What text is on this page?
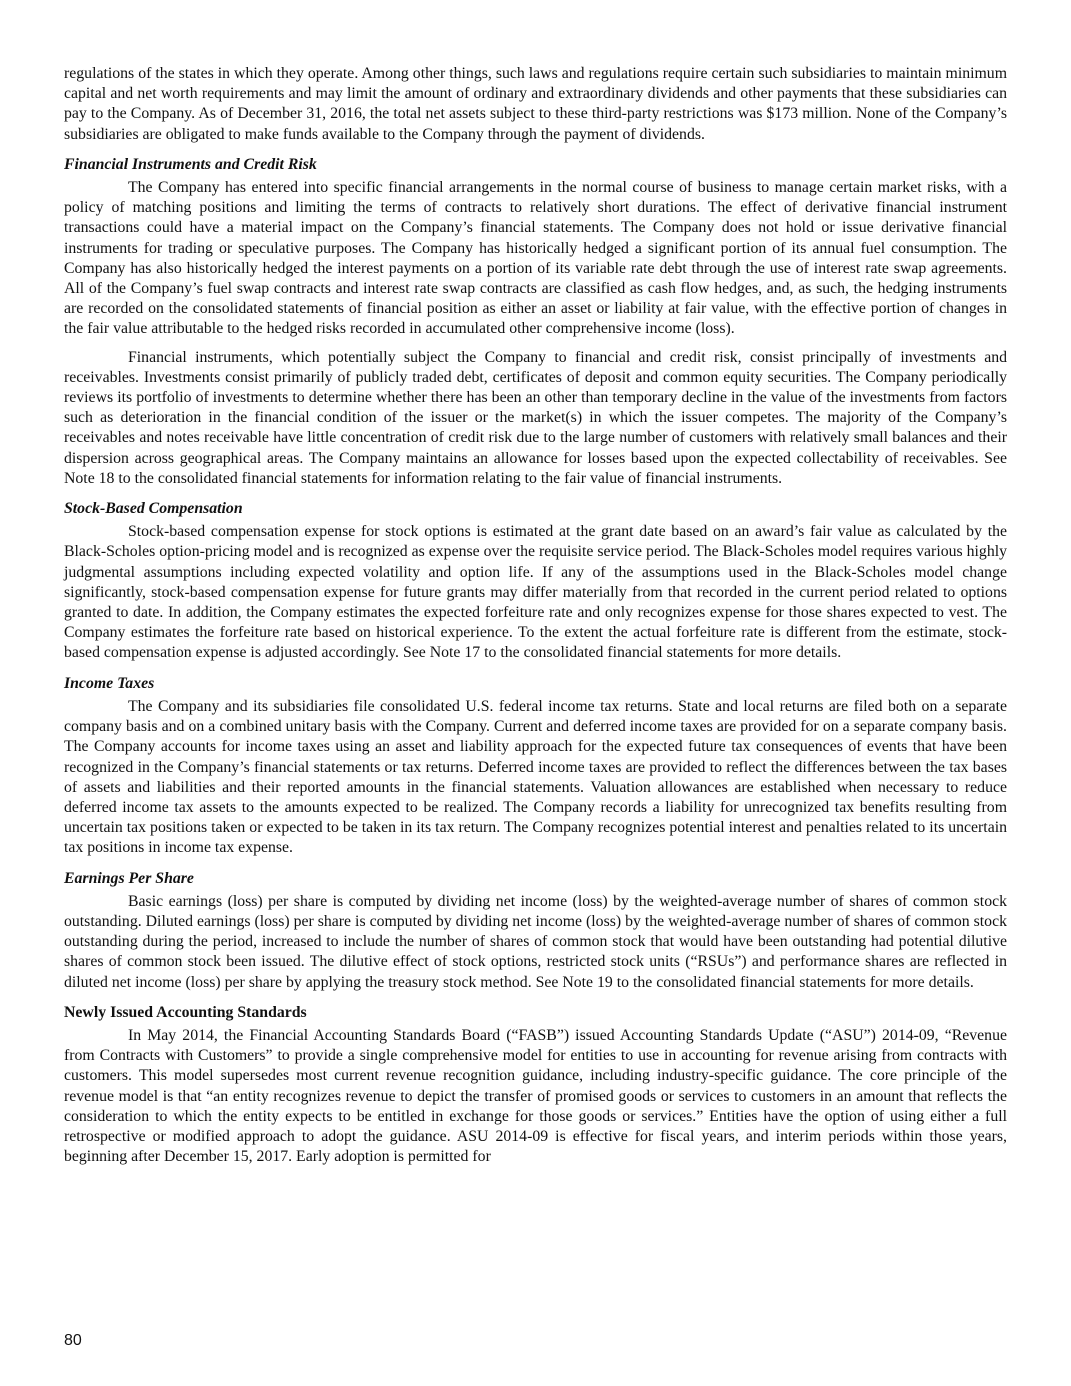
regulations of the states in which they operate. Among other things, such laws and regulations require certain such subsidiaries to maintain minimum capital and net worth requirements and may limit the amount of ordinary and extraordinary dividends and other payments that these subsidiaries can pay to the Company. As of December 31, 2016, the total net assets subject to these third-party restrictions was $173 million. None of the Company’s subsidiaries are obligated to make funds available to the Company through the payment of dividends.

Financial Instruments and Credit Risk

The Company has entered into specific financial arrangements in the normal course of business to manage certain market risks, with a policy of matching positions and limiting the terms of contracts to relatively short durations. The effect of derivative financial instrument transactions could have a material impact on the Company’s financial statements. The Company does not hold or issue derivative financial instruments for trading or speculative purposes. The Company has historically hedged a significant portion of its annual fuel consumption. The Company has also historically hedged the interest payments on a portion of its variable rate debt through the use of interest rate swap agreements. All of the Company’s fuel swap contracts and interest rate swap contracts are classified as cash flow hedges, and, as such, the hedging instruments are recorded on the consolidated statements of financial position as either an asset or liability at fair value, with the effective portion of changes in the fair value attributable to the hedged risks recorded in accumulated other comprehensive income (loss).

Financial instruments, which potentially subject the Company to financial and credit risk, consist principally of investments and receivables. Investments consist primarily of publicly traded debt, certificates of deposit and common equity securities. The Company periodically reviews its portfolio of investments to determine whether there has been an other than temporary decline in the value of the investments from factors such as deterioration in the financial condition of the issuer or the market(s) in which the issuer competes. The majority of the Company’s receivables and notes receivable have little concentration of credit risk due to the large number of customers with relatively small balances and their dispersion across geographical areas. The Company maintains an allowance for losses based upon the expected collectability of receivables. See Note 18 to the consolidated financial statements for information relating to the fair value of financial instruments.

Stock-Based Compensation

Stock-based compensation expense for stock options is estimated at the grant date based on an award’s fair value as calculated by the Black-Scholes option-pricing model and is recognized as expense over the requisite service period. The Black-Scholes model requires various highly judgmental assumptions including expected volatility and option life. If any of the assumptions used in the Black-Scholes model change significantly, stock-based compensation expense for future grants may differ materially from that recorded in the current period related to options granted to date. In addition, the Company estimates the expected forfeiture rate and only recognizes expense for those shares expected to vest. The Company estimates the forfeiture rate based on historical experience. To the extent the actual forfeiture rate is different from the estimate, stock-based compensation expense is adjusted accordingly. See Note 17 to the consolidated financial statements for more details.

Income Taxes

The Company and its subsidiaries file consolidated U.S. federal income tax returns. State and local returns are filed both on a separate company basis and on a combined unitary basis with the Company. Current and deferred income taxes are provided for on a separate company basis. The Company accounts for income taxes using an asset and liability approach for the expected future tax consequences of events that have been recognized in the Company’s financial statements or tax returns. Deferred income taxes are provided to reflect the differences between the tax bases of assets and liabilities and their reported amounts in the financial statements. Valuation allowances are established when necessary to reduce deferred income tax assets to the amounts expected to be realized. The Company records a liability for unrecognized tax benefits resulting from uncertain tax positions taken or expected to be taken in its tax return. The Company recognizes potential interest and penalties related to its uncertain tax positions in income tax expense.

Earnings Per Share

Basic earnings (loss) per share is computed by dividing net income (loss) by the weighted-average number of shares of common stock outstanding. Diluted earnings (loss) per share is computed by dividing net income (loss) by the weighted-average number of shares of common stock outstanding during the period, increased to include the number of shares of common stock that would have been outstanding had potential dilutive shares of common stock been issued. The dilutive effect of stock options, restricted stock units (“RSUs”) and performance shares are reflected in diluted net income (loss) per share by applying the treasury stock method. See Note 19 to the consolidated financial statements for more details.

Newly Issued Accounting Standards

In May 2014, the Financial Accounting Standards Board (“FASB”) issued Accounting Standards Update (“ASU”) 2014-09, “Revenue from Contracts with Customers” to provide a single comprehensive model for entities to use in accounting for revenue arising from contracts with customers. This model supersedes most current revenue recognition guidance, including industry-specific guidance. The core principle of the revenue model is that “an entity recognizes revenue to depict the transfer of promised goods or services to customers in an amount that reflects the consideration to which the entity expects to be entitled in exchange for those goods or services.” Entities have the option of using either a full retrospective or modified approach to adopt the guidance. ASU 2014-09 is effective for fiscal years, and interim periods within those years, beginning after December 15, 2017. Early adoption is permitted for

80
